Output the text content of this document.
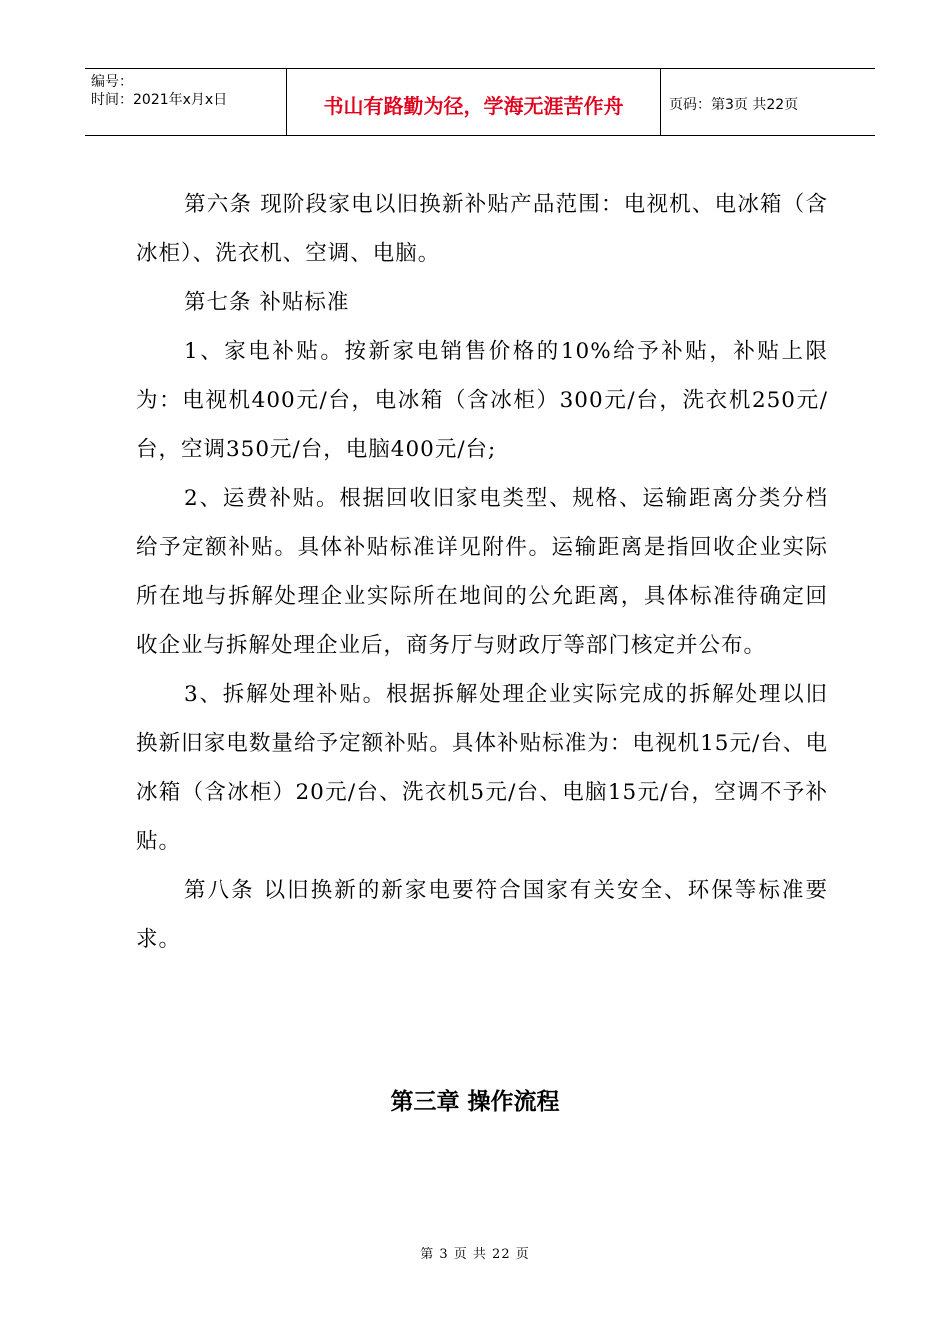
编号：
时间：2021年x月x日	书山有路勤为径，学海无涯苦作舟	页码：第3页 共22页

第六条 现阶段家电以旧换新补贴产品范围：电视机、电冰箱（含冰柜）、洗衣机、空调、电脑。

第七条 补贴标准

1、家电补贴。按新家电销售价格的10%给予补贴，补贴上限为：电视机400元/台，电冰箱（含冰柜）300元/台，洗衣机250元/台，空调350元/台，电脑400元/台;

2、运费补贴。根据回收旧家电类型、规格、运输距离分类分档给予定额补贴。具体补贴标准详见附件。运输距离是指回收企业实际所在地与拆解处理企业实际所在地间的公允距离，具体标准待确定回收企业与拆解处理企业后，商务厅与财政厅等部门核定并公布。

3、拆解处理补贴。根据拆解处理企业实际完成的拆解处理以旧换新旧家电数量给予定额补贴。具体补贴标准为：电视机15元/台、电冰箱（含冰柜）20元/台、洗衣机5元/台、电脑15元/台，空调不予补贴。

第八条 以旧换新的新家电要符合国家有关安全、环保等标准要求。

第三章 操作流程
第 3 页 共 22 页
